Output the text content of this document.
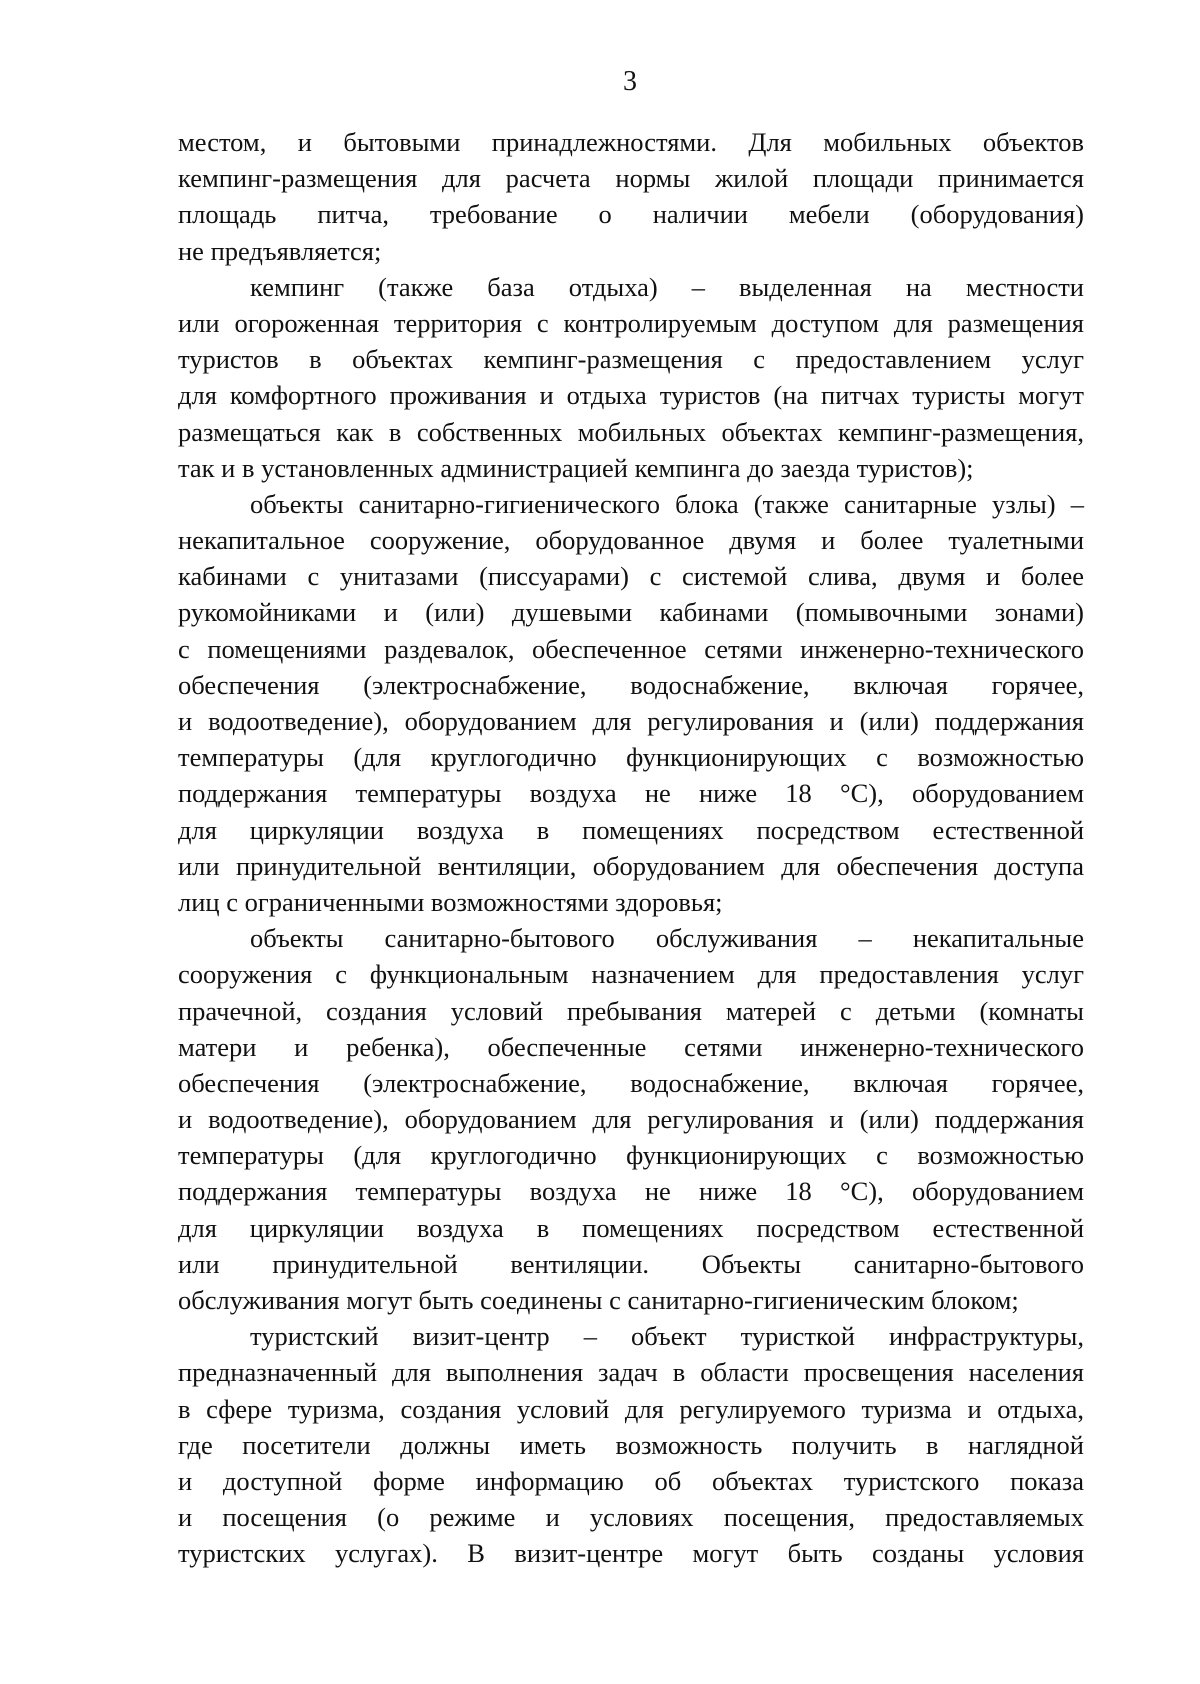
3
местом, и бытовыми принадлежностями. Для мобильных объектов
кемпинг-размещения для расчета нормы жилой площади принимается
площадь питча, требование о наличии мебели (оборудования)
не предъявляется;
кемпинг (также база отдыха) – выделенная на местности
или огороженная территория с контролируемым доступом для размещения
туристов в объектах кемпинг-размещения с предоставлением услуг
для комфортного проживания и отдыха туристов (на питчах туристы могут
размещаться как в собственных мобильных объектах кемпинг-размещения,
так и в установленных администрацией кемпинга до заезда туристов);
объекты санитарно-гигиенического блока (также санитарные узлы) –
некапитальное сооружение, оборудованное двумя и более туалетными
кабинами с унитазами (писсуарами) с системой слива, двумя и более
рукомойниками и (или) душевыми кабинами (помывочными зонами)
с помещениями раздевалок, обеспеченное сетями инженерно-технического
обеспечения (электроснабжение, водоснабжение, включая горячее,
и водоотведение), оборудованием для регулирования и (или) поддержания
температуры (для круглогодично функционирующих с возможностью
поддержания температуры воздуха не ниже 18 °С), оборудованием
для циркуляции воздуха в помещениях посредством естественной
или принудительной вентиляции, оборудованием для обеспечения доступа
лиц с ограниченными возможностями здоровья;
объекты санитарно-бытового обслуживания – некапитальные
сооружения с функциональным назначением для предоставления услуг
прачечной, создания условий пребывания матерей с детьми (комнаты
матери и ребенка), обеспеченные сетями инженерно-технического
обеспечения (электроснабжение, водоснабжение, включая горячее,
и водоотведение), оборудованием для регулирования и (или) поддержания
температуры (для круглогодично функционирующих с возможностью
поддержания температуры воздуха не ниже 18 °С), оборудованием
для циркуляции воздуха в помещениях посредством естественной
или принудительной вентиляции. Объекты санитарно-бытового
обслуживания могут быть соединены с санитарно-гигиеническим блоком;
туристский визит-центр – объект туристкой инфраструктуры,
предназначенный для выполнения задач в области просвещения населения
в сфере туризма, создания условий для регулируемого туризма и отдыха,
где посетители должны иметь возможность получить в наглядной
и доступной форме информацию об объектах туристского показа
и посещения (о режиме и условиях посещения, предоставляемых
туристских услугах). В визит-центре могут быть созданы условия
